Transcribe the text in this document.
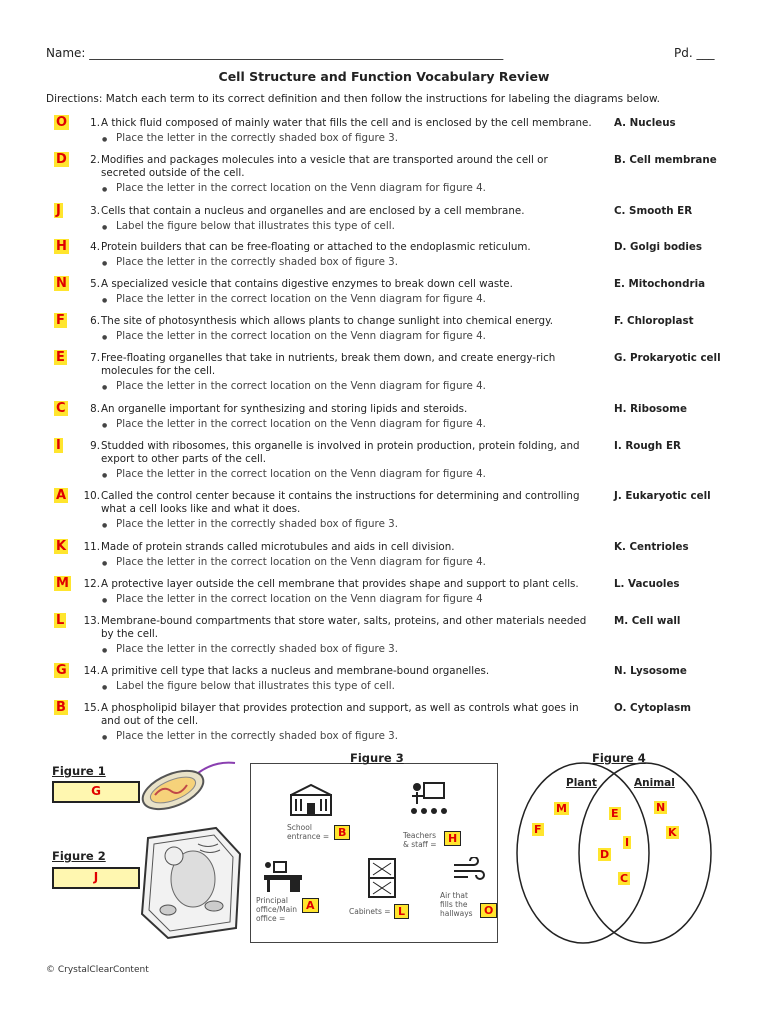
Name: _____________________________________________________________________	Pd. ___
Cell Structure and Function Vocabulary Review
Directions: Match each term to its correct definition and then follow the instructions for labeling the diagrams below.
O	1. A thick fluid composed of mainly water that fills the cell and is enclosed by the cell membrane.
● Place the letter in the correctly shaded box of figure 3.
A. Nucleus
D	2. Modifies and packages molecules into a vesicle that are transported around the cell or secreted outside of the cell.
● Place the letter in the correct location on the Venn diagram for figure 4.
B. Cell membrane
J	3. Cells that contain a nucleus and organelles and are enclosed by a cell membrane.
● Label the figure below that illustrates this type of cell.
C. Smooth ER
H	4. Protein builders that can be free-floating or attached to the endoplasmic reticulum.
● Place the letter in the correctly shaded box of figure 3.
D. Golgi bodies
N	5. A specialized vesicle that contains digestive enzymes to break down cell waste.
● Place the letter in the correct location on the Venn diagram for figure 4.
E. Mitochondria
F	6. The site of photosynthesis which allows plants to change sunlight into chemical energy.
● Place the letter in the correct location on the Venn diagram for figure 4.
F. Chloroplast
E	7. Free-floating organelles that take in nutrients, break them down, and create energy-rich molecules for the cell.
● Place the letter in the correct location on the Venn diagram for figure 4.
G. Prokaryotic cell
C	8. An organelle important for synthesizing and storing lipids and steroids.
● Place the letter in the correct location on the Venn diagram for figure 4.
H. Ribosome
I	9. Studded with ribosomes, this organelle is involved in protein production, protein folding, and export to other parts of the cell.
● Place the letter in the correct location on the Venn diagram for figure 4.
I. Rough ER
A	10. Called the control center because it contains the instructions for determining and controlling what a cell looks like and what it does.
● Place the letter in the correctly shaded box of figure 3.
J. Eukaryotic cell
K	11. Made of protein strands called microtubules and aids in cell division.
● Place the letter in the correct location on the Venn diagram for figure 4.
K. Centrioles
M	12. A protective layer outside the cell membrane that provides shape and support to plant cells.
● Place the letter in the correct location on the Venn diagram for figure 4
L. Vacuoles
L	13. Membrane-bound compartments that store water, salts, proteins, and other materials needed by the cell.
● Place the letter in the correctly shaded box of figure 3.
M. Cell wall
G	14. A primitive cell type that lacks a nucleus and membrane-bound organelles.
● Label the figure below that illustrates this type of cell.
N. Lysosome
B	15. A phospholipid bilayer that provides protection and support, as well as controls what goes in and out of the cell.
● Place the letter in the correctly shaded box of figure 3.
O. Cytoplasm
Figure 1
G
Figure 2
J
Figure 3
School
entrance = B	Teachers
& staff =	H
Principal
office/Main
office =
A	Cabinets = L
Air that
fills the
hallways	O
Figure 4
Plant	Animal
F
M	N
K
E
I
D
C
© CrystalClearContent
